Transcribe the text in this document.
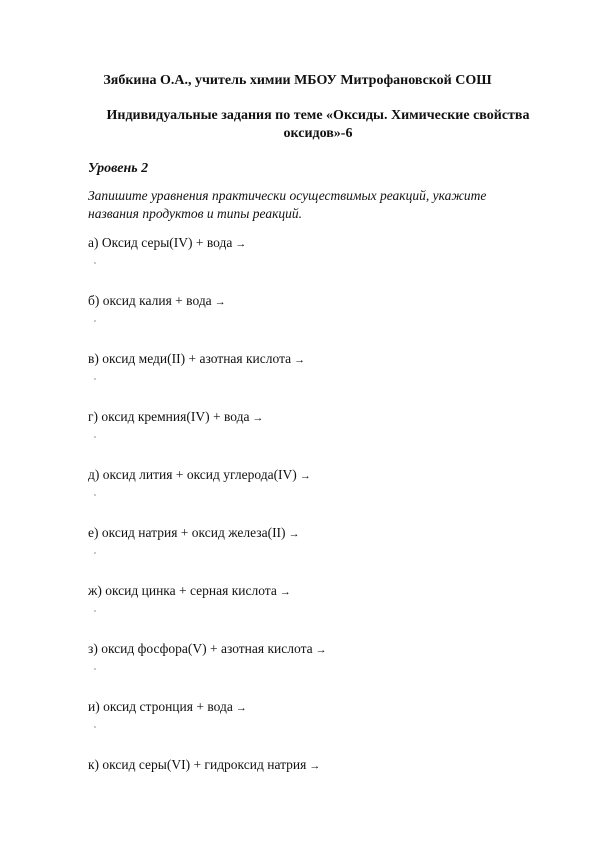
Зябкина О.А., учитель химии МБОУ Митрофановской СОШ
Индивидуальные задания по теме «Оксиды. Химические свойства оксидов»-6
Уровень 2
Запишите уравнения практически осуществимых реакций, укажите названия продуктов и типы реакций.
а) Оксид серы(IV) + вода →
б) оксид калия + вода →
в) оксид меди(II) + азотная кислота →
г) оксид кремния(IV) + вода →
д) оксид лития + оксид углерода(IV) →
е) оксид натрия + оксид железа(II) →
ж) оксид цинка + серная кислота →
з) оксид фосфора(V) + азотная кислота →
и) оксид стронция + вода →
к) оксид серы(VI) + гидроксид натрия →
